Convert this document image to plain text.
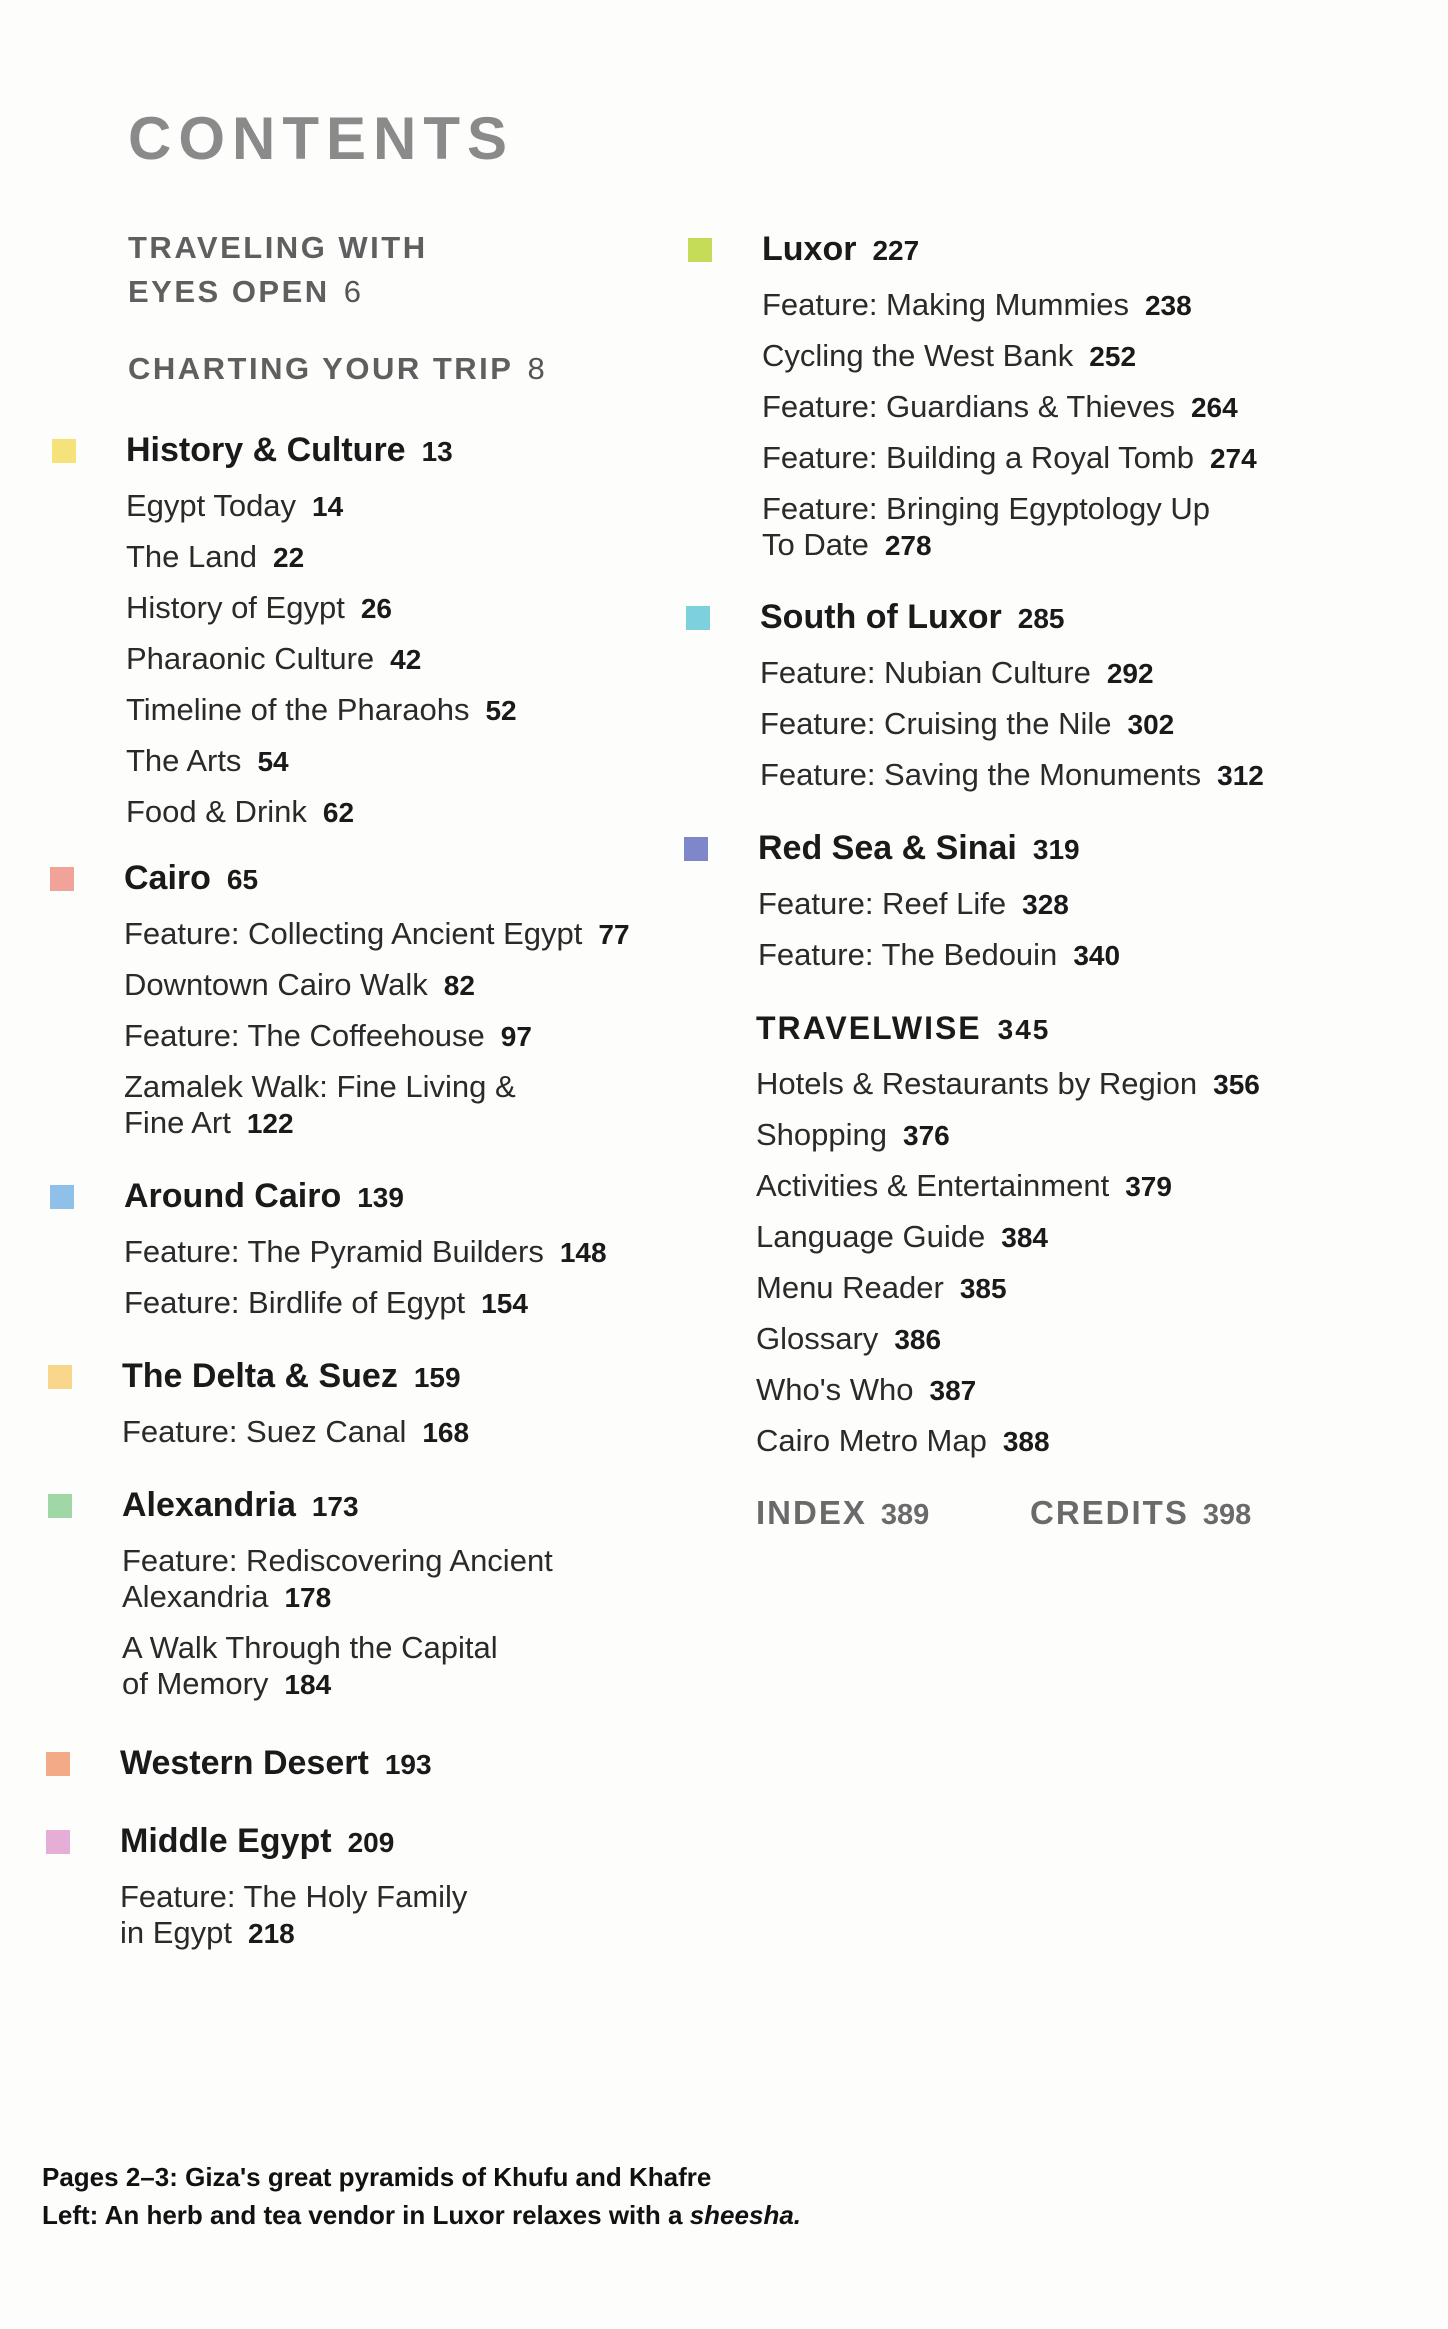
CONTENTS
TRAVELING WITH
EYES OPEN 6
CHARTING YOUR TRIP 8
History & Culture 13
Egypt Today 14
The Land 22
History of Egypt 26
Pharaonic Culture 42
Timeline of the Pharaohs 52
The Arts 54
Food & Drink 62
Cairo 65
Feature: Collecting Ancient Egypt 77
Downtown Cairo Walk 82
Feature: The Coffeehouse 97
Zamalek Walk: Fine Living &
Fine Art 122
Around Cairo 139
Feature: The Pyramid Builders 148
Feature: Birdlife of Egypt 154
The Delta & Suez 159
Feature: Suez Canal 168
Alexandria 173
Feature: Rediscovering Ancient
Alexandria 178
A Walk Through the Capital
of Memory 184
Western Desert 193
Middle Egypt 209
Feature: The Holy Family
in Egypt 218
Luxor 227
Feature: Making Mummies 238
Cycling the West Bank 252
Feature: Guardians & Thieves 264
Feature: Building a Royal Tomb 274
Feature: Bringing Egyptology Up
To Date 278
South of Luxor 285
Feature: Nubian Culture 292
Feature: Cruising the Nile 302
Feature: Saving the Monuments 312
Red Sea & Sinai 319
Feature: Reef Life 328
Feature: The Bedouin 340
TRAVELWISE 345
Hotels & Restaurants by Region 356
Shopping 376
Activities & Entertainment 379
Language Guide 384
Menu Reader 385
Glossary 386
Who's Who 387
Cairo Metro Map 388
INDEX 389	CREDITS 398
Pages 2–3: Giza's great pyramids of Khufu and Khafre
Left: An herb and tea vendor in Luxor relaxes with a sheesha.
